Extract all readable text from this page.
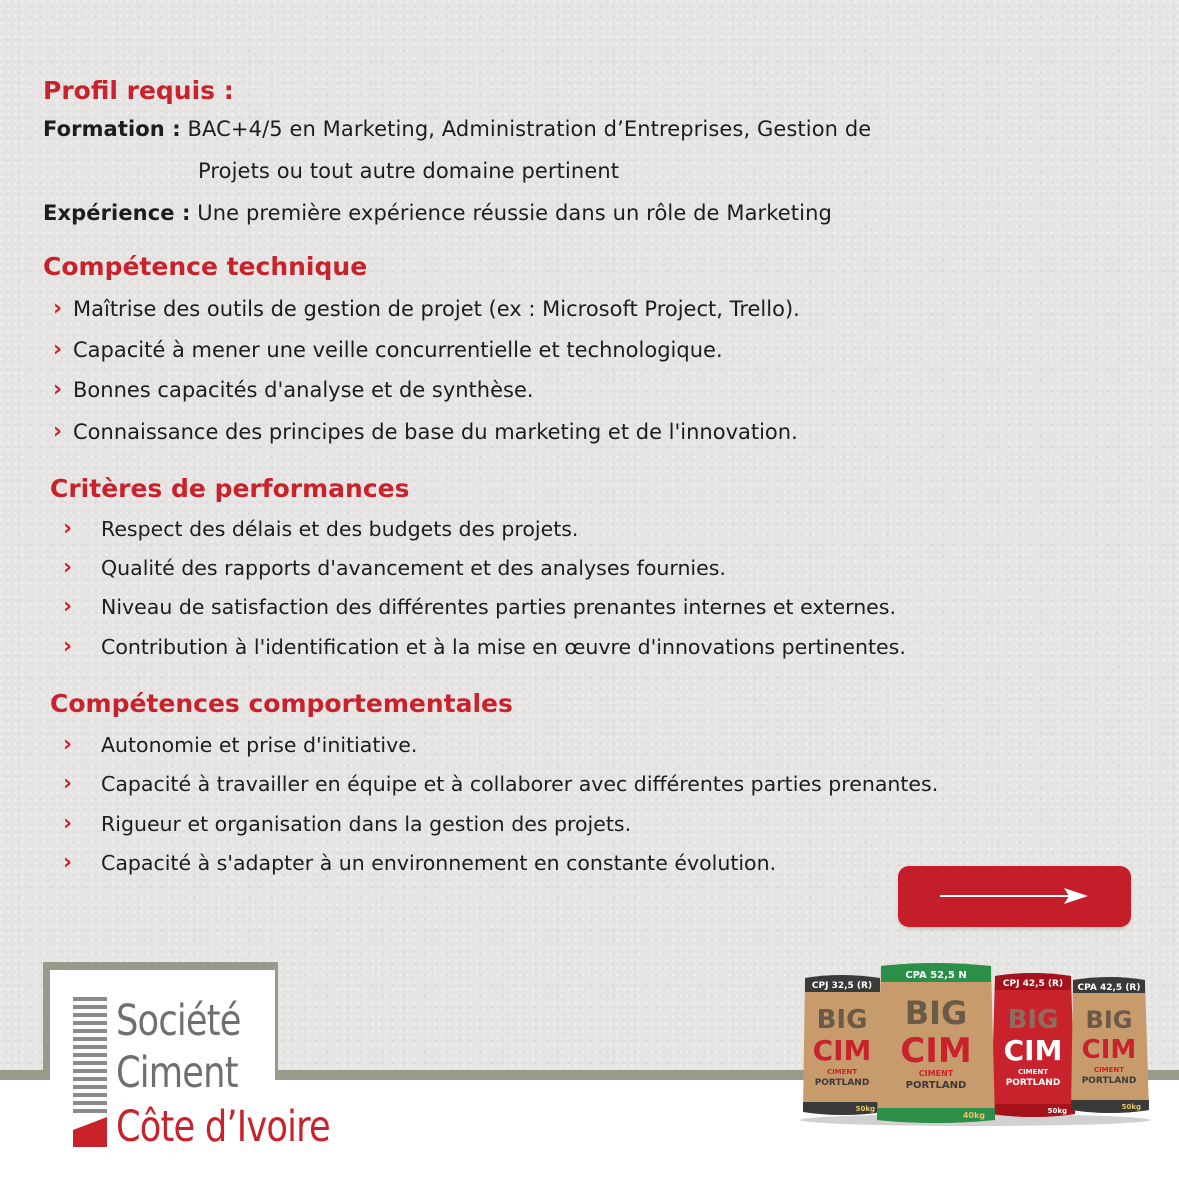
Profil requis :
Formation : BAC+4/5 en Marketing, Administration d’Entreprises, Gestion de
Projets ou tout autre domaine pertinent
Expérience : Une première expérience réussie dans un rôle de Marketing
Compétence technique
› Maîtrise des outils de gestion de projet (ex : Microsoft Project, Trello).
› Capacité à mener une veille concurrentielle et technologique.
› Bonnes capacités d'analyse et de synthèse.
› Connaissance des principes de base du marketing et de l'innovation.
Critères de performances
›	Respect des délais et des budgets des projets.
›	Qualité des rapports d'avancement et des analyses fournies.
›	Niveau de satisfaction des différentes parties prenantes internes et externes.
›	Contribution à l'identification et à la mise en œuvre d'innovations pertinentes.
Compétences comportementales
›	Autonomie et prise d'initiative.
›	Capacité à travailler en équipe et à collaborer avec différentes parties prenantes.
›	Rigueur et organisation dans la gestion des projets.
›	Capacité à s'adapter à un environnement en constante évolution.
Société
Ciment
Côte d’Ivoire
CPJ 32,5 (R)
BIG
CIM
CIMENT
PORTLAND
50kg
CPJ 42,5 (R)
BIG
CIM
CIMENT
PORTLAND
50kg
CPA 42,5 (R)
BIG
CIM
CIMENT
PORTLAND
50kg
CPA 52,5 N
BIG
CIM
CIMENT
PORTLAND
40kg
